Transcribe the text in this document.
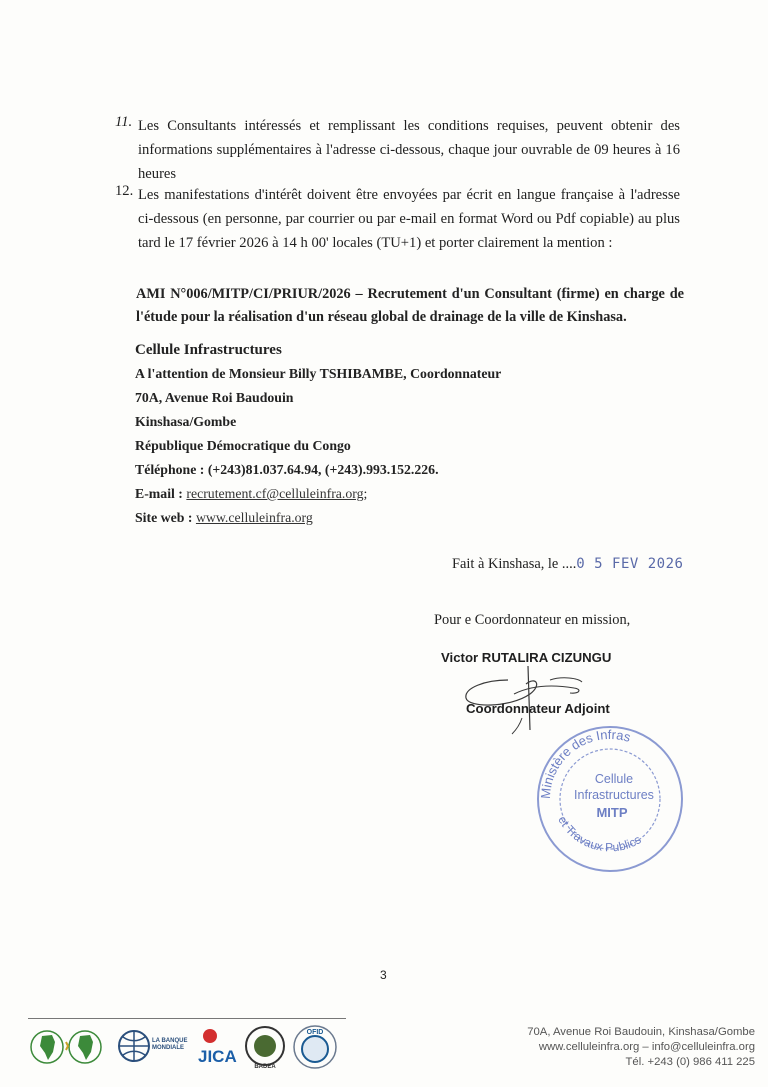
11. Les Consultants intéressés et remplissant les conditions requises, peuvent obtenir des informations supplémentaires à l'adresse ci-dessous, chaque jour ouvrable de 09 heures à 16 heures
12. Les manifestations d'intérêt doivent être envoyées par écrit en langue française à l'adresse ci-dessous (en personne, par courrier ou par e-mail en format Word ou Pdf copiable) au plus tard le 17 février 2026 à 14 h 00' locales (TU+1) et porter clairement la mention :
AMI N°006/MITP/CI/PRIUR/2026 – Recrutement d'un Consultant (firme) en charge de l'étude pour la réalisation d'un réseau global de drainage de la ville de Kinshasa.
Cellule Infrastructures
A l'attention de Monsieur Billy TSHIBAMBE, Coordonnateur
70A, Avenue Roi Baudouin
Kinshasa/Gombe
République Démocratique du Congo
Téléphone : (+243)81.037.64.94, (+243).993.152.226.
E-mail : recrutement.cf@celluleinfra.org;
Site web : www.celluleinfra.org
Fait à Kinshasa, le ....0 5 FEV 2026
Pour e Coordonnateur en mission,
Victor RUTALIRA CIZUNGU
Coordonnateur Adjoint
Ministère des Infras
et Travaux Publics
Cellule
Infrastructures
MITP
3
LA BANQUE MONDIALE JICA
BADEA
OFID	70A, Avenue Roi Baudouin, Kinshasa/Gombe
www.celluleinfra.org – info@celluleinfra.org
Tél. +243 (0) 986 411 225
